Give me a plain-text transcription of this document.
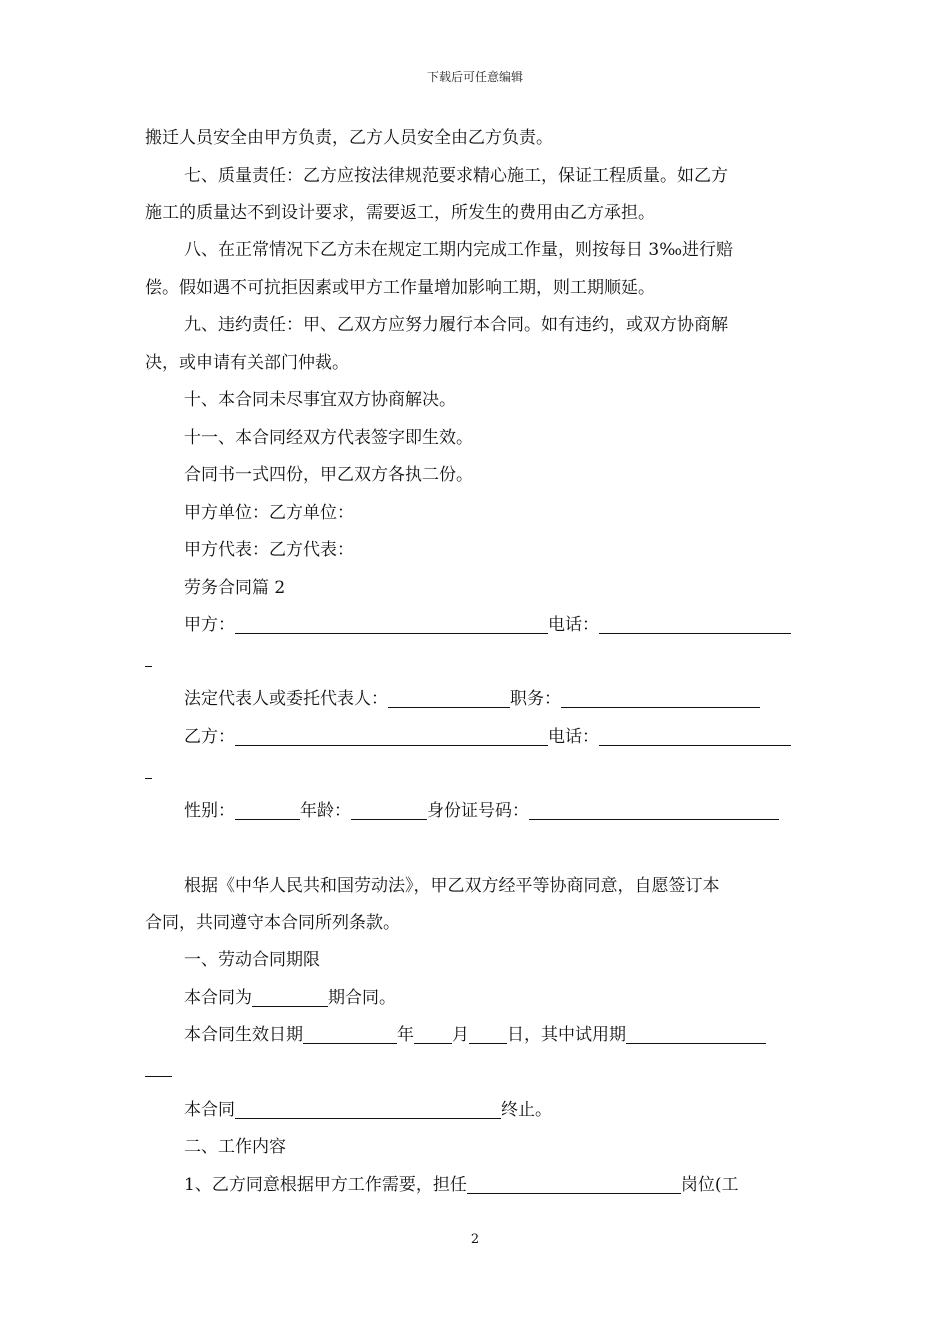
下载后可任意编辑
搬迁人员安全由甲方负责，乙方人员安全由乙方负责。
七、质量责任：乙方应按法律规范要求精心施工，保证工程质量。如乙方
施工的质量达不到设计要求，需要返工，所发生的费用由乙方承担。
八、在正常情况下乙方未在规定工期内完成工作量，则按每日 3‰进行赔
偿。假如遇不可抗拒因素或甲方工作量增加影响工期，则工期顺延。
九、违约责任：甲、乙双方应努力履行本合同。如有违约，或双方协商解
决，或申请有关部门仲裁。
十、本合同未尽事宜双方协商解决。
十一、本合同经双方代表签字即生效。
合同书一式四份，甲乙双方各执二份。
甲方单位：乙方单位：
甲方代表：乙方代表：
劳务合同篇 2
甲方：	电话：
法定代表人或委托代表人：	职务：
乙方：	电话：
性别：	年龄：	身份证号码：
根据《中华人民共和国劳动法》，甲乙双方经平等协商同意，自愿签订本
合同，共同遵守本合同所列条款。
一、劳动合同期限
本合同为	期合同。
本合同生效日期	年 月 日，其中试用期
本合同	终止。
二、工作内容
1、乙方同意根据甲方工作需要，担任	岗位(工
2
